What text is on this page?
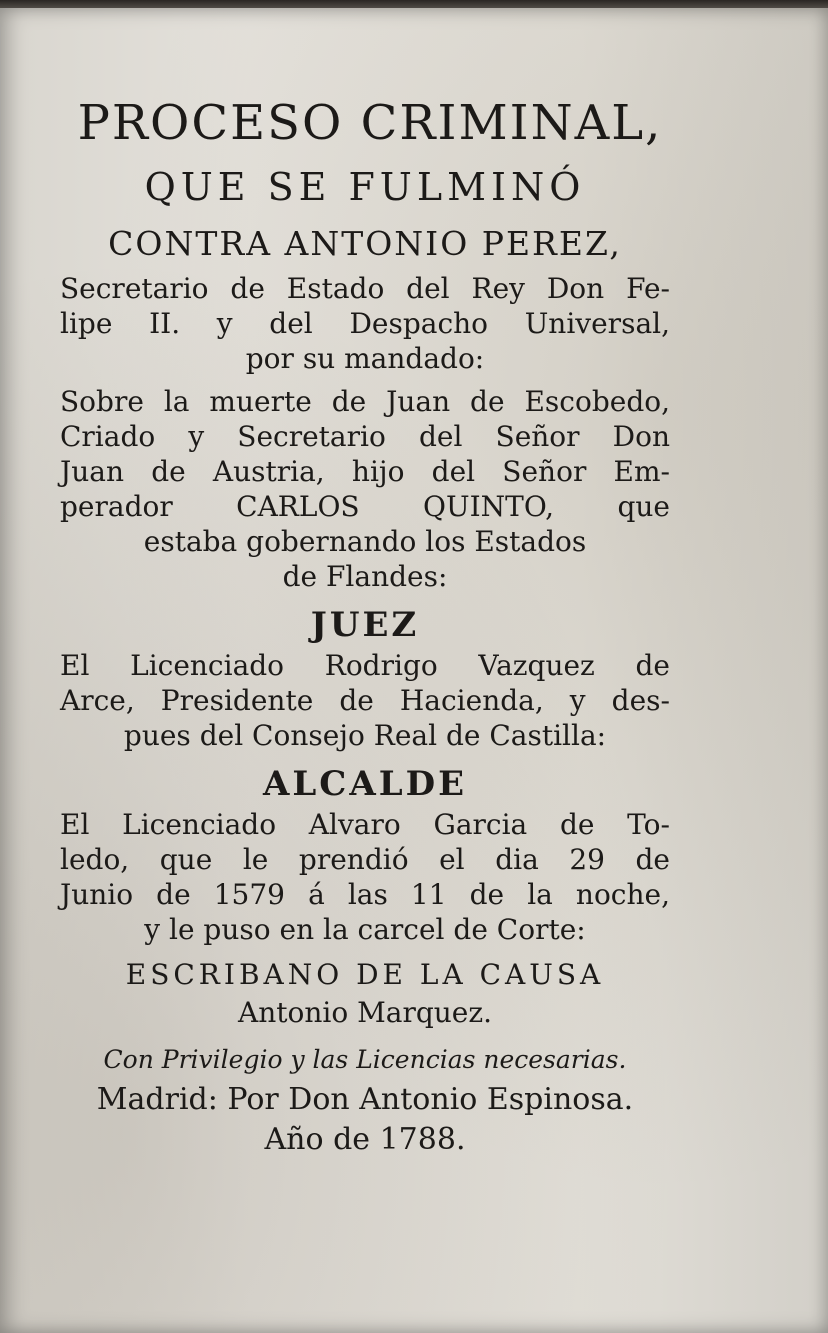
PROCESO CRIMINAL,
QUE SE FULMINÓ
CONTRA ANTONIO PEREZ,
Secretario de Estado del Rey Don Fe-
lipe II. y del Despacho Universal,
por su mandado:
Sobre la muerte de Juan de Escobedo,
Criado y Secretario del Señor Don
Juan de Austria, hijo del Señor Em-
perador CARLOS QUINTO, que
estaba gobernando los Estados
de Flandes:
JUEZ
El Licenciado Rodrigo Vazquez de
Arce, Presidente de Hacienda, y des-
pues del Consejo Real de Castilla:
ALCALDE
El Licenciado Alvaro Garcia de To-
ledo, que le prendió el dia 29 de
Junio de 1579 á las 11 de la noche,
y le puso en la carcel de Corte:
ESCRIBANO DE LA CAUSA
Antonio Marquez.
Con Privilegio y las Licencias necesarias.
Madrid: Por Don Antonio Espinosa.
Año de 1788.
